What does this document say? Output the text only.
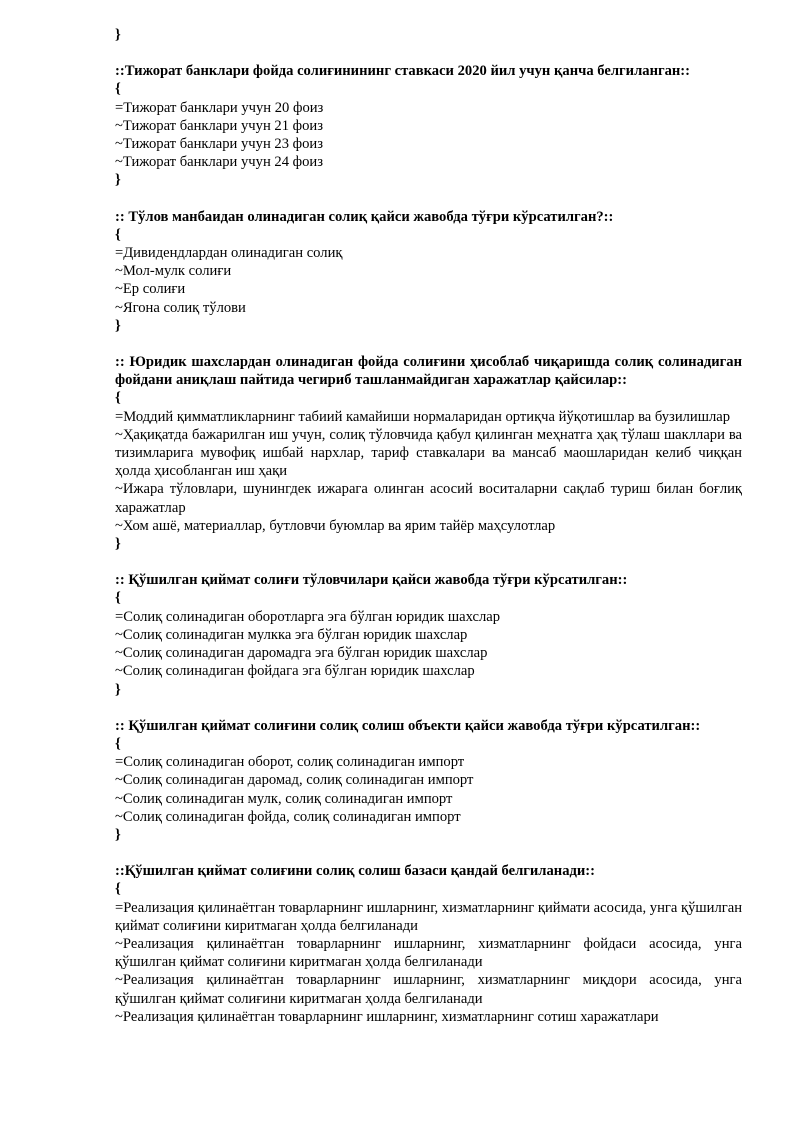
}
::Тижорат банклари фойда солиғинининг ставкаси 2020 йил учун қанча белгиланган::
{
=Тижорат банклари учун 20 фоиз
~Тижорат банклари учун 21 фоиз
~Тижорат банклари учун 23 фоиз
~Тижорат банклари учун 24 фоиз
}
:: Тўлов манбаидан олинадиган солиқ қайси жавобда тўғри кўрсатилган?::
{
=Дивидендлардан олинадиган солиқ
~Мол-мулк солиғи
~Ер солиғи
~Ягона солиқ тўлови
}
:: Юридик шахслардан олинадиган фойда солиғини ҳисоблаб чиқаришда солиқ солинадиган фойдани аниқлаш пайтида чегириб ташланмайдиган харажатлар қайсилар::
{
=Моддий қимматликларнинг табиий камайиши нормаларидан ортиқча йўқотишлар ва бузилишлар
~Ҳақиқатда бажарилган иш учун, солиқ тўловчида қабул қилинган меҳнатга ҳақ тўлаш шакллари ва тизимларига мувофиқ ишбай нархлар, тариф ставкалари ва мансаб маошларидан келиб чиққан ҳолда ҳисобланган иш ҳақи
~Ижара тўловлари, шунингдек ижарага олинган асосий воситаларни сақлаб туриш билан боғлиқ харажатлар
~Хом ашё, материаллар, бутловчи буюмлар ва ярим тайёр маҳсулотлар
}
:: Қўшилган қиймат солиғи тўловчилари қайси жавобда тўғри кўрсатилган::
{
=Солиқ солинадиган оборотларга эга бўлган юридик шахслар
~Солиқ солинадиган мулкка эга бўлган юридик шахслар
~Солиқ солинадиган даромадга эга бўлган юридик шахслар
~Солиқ солинадиган фойдага эга бўлган юридик шахслар
}
:: Қўшилган қиймат солиғини солиқ солиш объекти қайси жавобда тўғри кўрсатилган::
{
=Солиқ солинадиган оборот, солиқ солинадиган импорт
~Солиқ солинадиган даромад, солиқ солинадиган импорт
~Солиқ солинадиган мулк, солиқ солинадиган импорт
~Солиқ солинадиган фойда, солиқ солинадиган импорт
}
::Қўшилган қиймат солиғини солиқ солиш базаси қандай белгиланади::
{
=Реализация қилинаётган товарларнинг ишларнинг, хизматларнинг қиймати асосида, унга қўшилган қиймат солиғини киритмаган ҳолда белгиланади
~Реализация қилинаётган товарларнинг ишларнинг, хизматларнинг фойдаси асосида, унга қўшилган қиймат солиғини киритмаган ҳолда белгиланади
~Реализация қилинаётган товарларнинг ишларнинг, хизматларнинг миқдори асосида, унга қўшилган қиймат солиғини киритмаган ҳолда белгиланади
~Реализация қилинаётган товарларнинг ишларнинг, хизматларнинг сотиш харажатлари
